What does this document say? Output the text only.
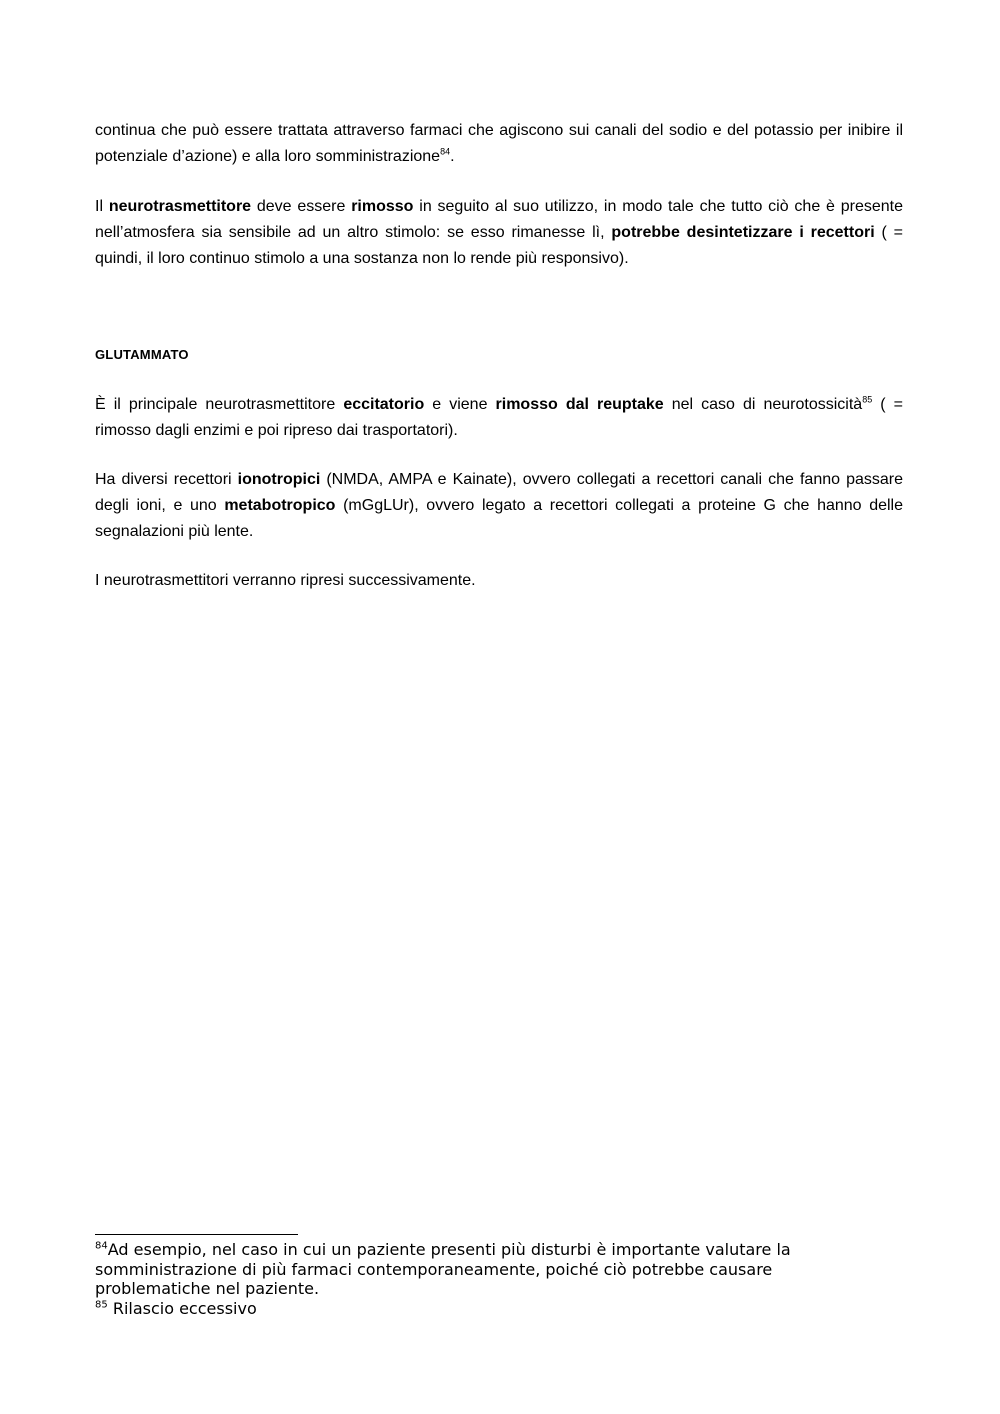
continua che può essere trattata attraverso farmaci che agiscono sui canali del sodio e del potassio per inibire il potenziale d’azione) e alla loro somministrazione$^{84}$.

Il neurotrasmettitore deve essere rimosso in seguito al suo utilizzo, in modo tale che tutto ciò che è presente nell’atmosfera sia sensibile ad un altro stimolo: se esso rimanesse lì, potrebbe desintetizzare i recettori ( = quindi, il loro continuo stimolo a una sostanza non lo rende più responsivo).

GLUTAMMATO

È il principale neurotrasmettitore eccitatorio e viene rimosso dal reuptake nel caso di neurotossicità$^{85}$ ( = rimosso dagli enzimi e poi ripreso dai trasportatori).

Ha diversi recettori ionotropici (NMDA, AMPA e Kainate), ovvero collegati a recettori canali che fanno passare degli ioni, e uno metabotropico (mGgLUr), ovvero legato a recettori collegati a proteine G che hanno delle segnalazioni più lente.

I neurotrasmettitori verranno ripresi successivamente.

$^{84}$Ad esempio, nel caso in cui un paziente presenti più disturbi è importante valutare la somministrazione di più farmaci contemporaneamente, poiché ciò potrebbe causare problematiche nel paziente.

$^{85}$ Rilascio eccessivo
